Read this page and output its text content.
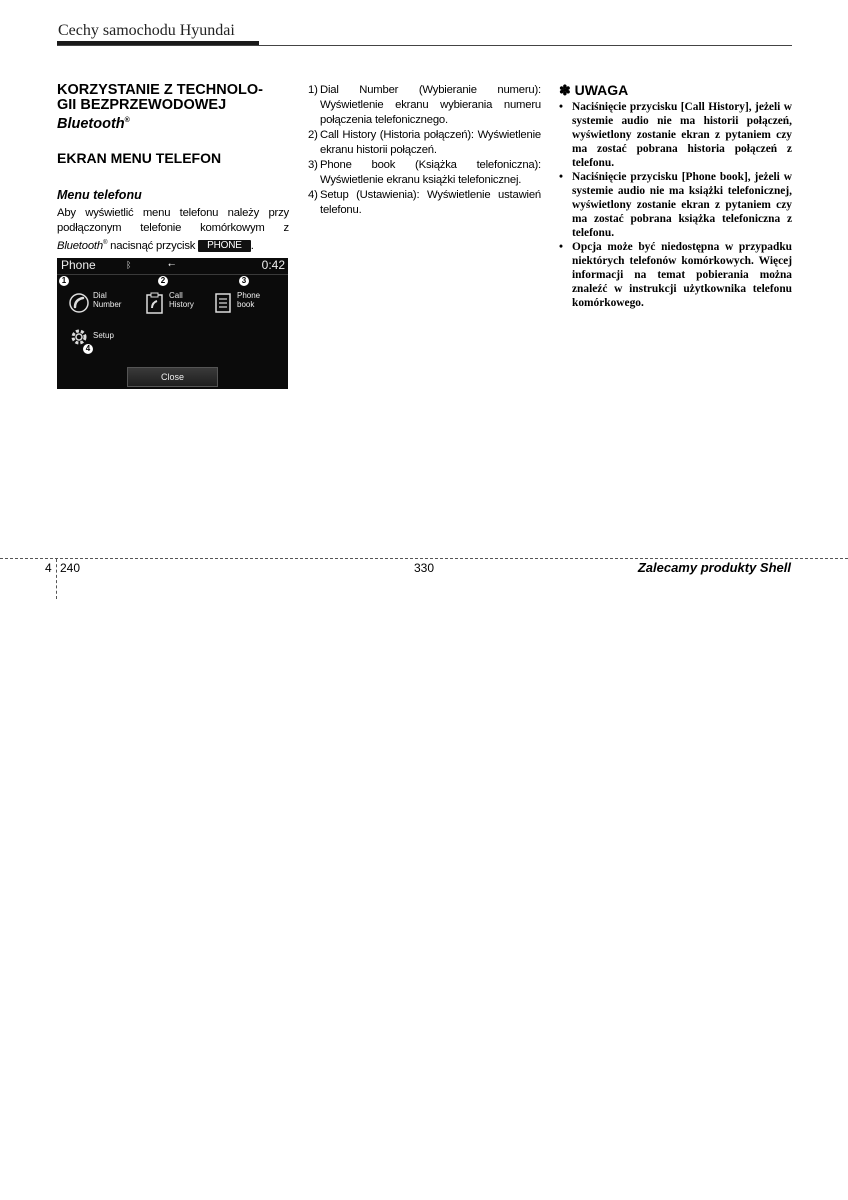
Cechy samochodu Hyundai
KORZYSTANIE Z TECHNOLO-
GII BEZPRZEWODOWEJ
Bluetooth®
EKRAN MENU TELEFON
Menu telefonu
Aby wyświetlić menu telefonu należy przy podłączonym telefonie komórkowym z Bluetooth® nacisnąć przycisk PHONE .
Phone	ᛒ	⭠	0:42
1	2	3
Dial
Number
Call
History
Phone
book
Setup
4
Close
1) Dial Number (Wybieranie numeru): Wyświetlenie ekranu wybierania numeru połączenia telefonicznego.
2) Call History (Historia połączeń): Wyświetlenie ekranu historii połączeń.
3) Phone book (Książka telefoniczna): Wyświetlenie ekranu książki telefonicznej.
4) Setup (Ustawienia): Wyświetlenie ustawień telefonu.
✽ UWAGA
• Naciśnięcie przycisku [Call History], jeżeli w systemie audio nie ma historii połączeń, wyświetlony zostanie ekran z pytaniem czy ma zostać pobrana historia połączeń z telefonu.
• Naciśnięcie przycisku [Phone book], jeżeli w systemie audio nie ma książki telefonicznej, wyświetlony zostanie ekran z pytaniem czy ma zostać pobrana książka telefoniczna z telefonu.
• Opcja może być niedostępna w przypadku niektórych telefonów komórkowych. Więcej informacji na temat pobierania można znaleźć w instrukcji użytkownika telefonu komórkowego.
4 240	330	Zalecamy produkty Shell
